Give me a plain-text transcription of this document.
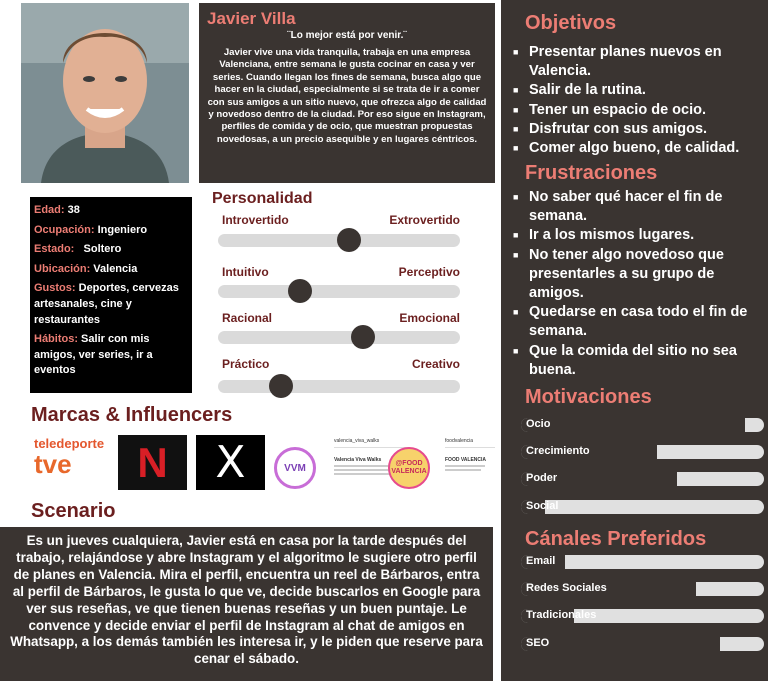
Javier Villa
¨Lo mejor está por venir.¨
Javier vive una vida tranquila, trabaja en una empresa Valenciana, entre semana le gusta cocinar en casa y ver series. Cuando llegan los fines de semana, busca algo que hacer en la ciudad, especialmente si se trata de ir a comer con sus amigos a un sitio nuevo, que ofrezca algo de calidad y novedoso dentro de la ciudad. Por eso sigue en Instagram, perfiles de comida y de ocio, que muestran propuestas novedosas, a un precio asequible y en lugares céntricos.
Edad: 38
Ocupación: Ingeniero
Estado:   Soltero
Ubicación: Valencia
Gustos: Deportes, cervezas artesanales, cine y restaurantes
Hábitos: Salir con mis amigos, ver series, ir a eventos
Personalidad
Introvertido	Extrovertido
Intuitivo	Perceptivo
Racional	Emocional
Práctico	Creativo
Marcas & Influencers
teledeporte
tve	N X	VVM
valencia_viva_walks
Valencia Viva Walks	@FOOD VALENCIA
foodvalencia
FOOD VALENCIA
Scenario
Es un jueves cualquiera, Javier está en casa por la tarde después del trabajo, relajándose y abre Instagram y el algoritmo le sugiere otro perfil de planes en Valencia. Mira el perfil, encuentra un reel de Bárbaros, entra al perfil de Bárbaros, le gusta lo que ve, decide buscarlos en Google para ver sus reseñas, ve que tienen buenas reseñas y un buen puntaje. Le convence y decide enviar el perfil de Instagram al chat de amigos en Whatsapp, a los demás también les interesa ir, y le piden que reserve para cenar el sábado.
Objetivos
■ Presentar planes nuevos en Valencia.
■ Salir de la rutina.
■ Tener un espacio de ocio.
■ Disfrutar con sus amigos.
■ Comer algo bueno, de calidad.
Frustraciones
■ No saber qué hacer el fin de semana.
■ Ir a los mismos lugares.
■ No tener algo novedoso que presentarles a su grupo de amigos.
■ Quedarse en casa todo el fin de semana.
■ Que la comida del sitio no sea buena.
Motivaciones
Ocio
Crecimiento
Poder
Social
Cánales Preferidos
Email
Redes Sociales
Tradicionales
SEO
